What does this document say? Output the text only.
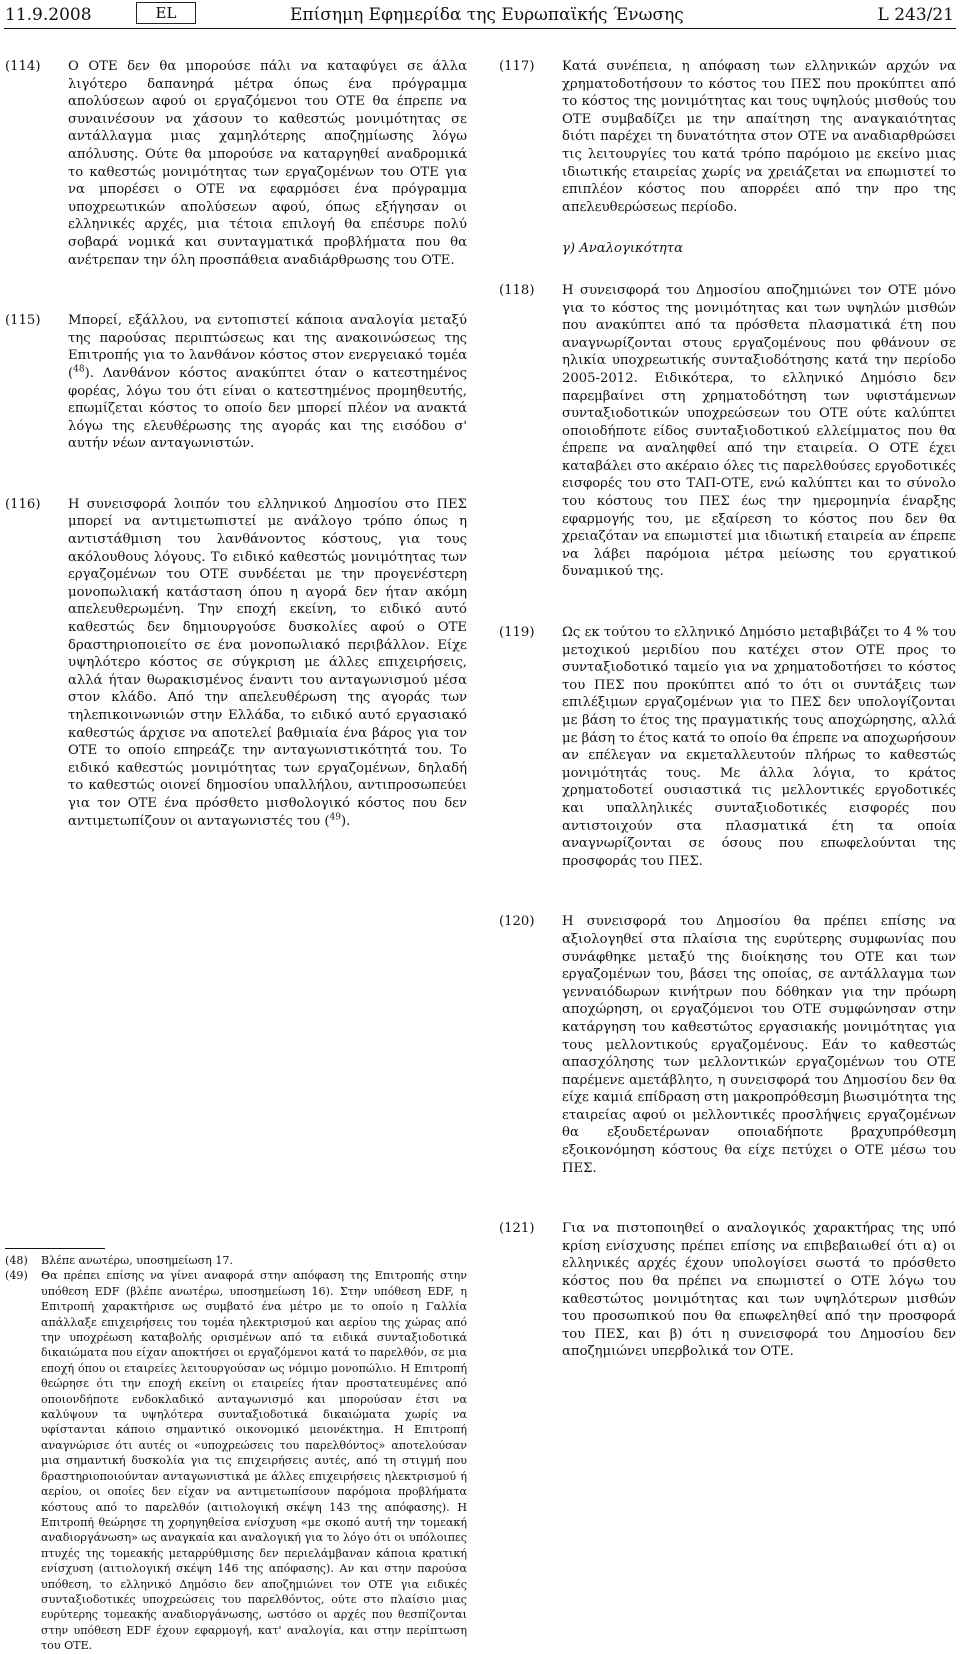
11.9.2008	EL	Επίσημη Εφημερίδα της Ευρωπαϊκής Ένωσης	L 243/21
(114) Ο ΟΤΕ δεν θα μπορούσε πάλι να καταφύγει σε άλλα λιγότερο δαπανηρά μέτρα όπως ένα πρόγραμμα απολύσεων αφού οι εργαζόμενοι του ΟΤΕ θα έπρεπε να συναινέσουν να χάσουν το καθεστώς μονιμότητας σε αντάλλαγμα μιας χαμηλότερης αποζημίωσης λόγω απόλυσης. Ούτε θα μπορούσε να καταργηθεί αναδρομικά το καθεστώς μονιμότητας των εργαζομένων του ΟΤΕ για να μπορέσει ο ΟΤΕ να εφαρμόσει ένα πρόγραμμα υποχρεωτικών απολύσεων αφού, όπως εξήγησαν οι ελληνικές αρχές, μια τέτοια επιλογή θα επέσυρε πολύ σοβαρά νομικά και συνταγματικά προβλήματα που θα ανέτρεπαν την όλη προσπάθεια αναδιάρθρωσης του ΟΤΕ.
(115) Μπορεί, εξάλλου, να εντοπιστεί κάποια αναλογία μεταξύ της παρούσας περιπτώσεως και της ανακοινώσεως της Επιτροπής για το λανθάνον κόστος στον ενεργειακό τομέα ($^{48}$). Λανθάνον κόστος ανακύπτει όταν ο κατεστημένος φορέας, λόγω του ότι είναι ο κατεστημένος προμηθευτής, επωμίζεται κόστος το οποίο δεν μπορεί πλέον να ανακτά λόγω της ελευθέρωσης της αγοράς και της εισόδου σ' αυτήν νέων ανταγωνιστών.
(116) Η συνεισφορά λοιπόν του ελληνικού Δημοσίου στο ΠΕΣ μπορεί να αντιμετωπιστεί με ανάλογο τρόπο όπως η αντιστάθμιση του λανθάνοντος κόστους, για τους ακόλουθους λόγους. Το ειδικό καθεστώς μονιμότητας των εργαζομένων του ΟΤΕ συνδέεται με την προγενέστερη μονοπωλιακή κατάσταση όπου η αγορά δεν ήταν ακόμη απελευθερωμένη. Την εποχή εκείνη, το ειδικό αυτό καθεστώς δεν δημιουργούσε δυσκολίες αφού ο ΟΤΕ δραστηριοποιείτο σε ένα μονοπωλιακό περιβάλλον. Είχε υψηλότερο κόστος σε σύγκριση με άλλες επιχειρήσεις, αλλά ήταν θωρακισμένος έναντι του ανταγωνισμού μέσα στον κλάδο. Από την απελευθέρωση της αγοράς των τηλεπικοινωνιών στην Ελλάδα, το ειδικό αυτό εργασιακό καθεστώς άρχισε να αποτελεί βαθμιαία ένα βάρος για τον ΟΤΕ το οποίο επηρεάζε την ανταγωνιστικότητά του. Το ειδικό καθεστώς μονιμότητας των εργαζομένων, δηλαδή το καθεστώς οιονεί δημοσίου υπαλλήλου, αντιπροσωπεύει για τον ΟΤΕ ένα πρόσθετο μισθολογικό κόστος που δεν αντιμετωπίζουν οι ανταγωνιστές του ($^{49}$).
(48) Βλέπε ανωτέρω, υποσημείωση 17.
(49) Θα πρέπει επίσης να γίνει αναφορά στην απόφαση της Επιτροπής στην υπόθεση EDF (βλέπε ανωτέρω, υποσημείωση 16). Στην υπόθεση EDF, η Επιτροπή χαρακτήρισε ως συμβατό ένα μέτρο με το οποίο η Γαλλία απάλλαξε επιχειρήσεις του τομέα ηλεκτρισμού και αερίου της χώρας από την υποχρέωση καταβολής ορισμένων από τα ειδικά συνταξιοδοτικά δικαιώματα που είχαν αποκτήσει οι εργαζόμενοι κατά το παρελθόν, σε μια εποχή όπου οι εταιρείες λειτουργούσαν ως νόμιμο μονοπώλιο. Η Επιτροπή θεώρησε ότι την εποχή εκείνη οι εταιρείες ήταν προστατευμένες από οποιονδήποτε ενδοκλαδικό ανταγωνισμό και μπορούσαν έτσι να καλύψουν τα υψηλότερα συνταξιοδοτικά δικαιώματα χωρίς να υφίστανται κάποιο σημαντικό οικονομικό μειονέκτημα. Η Επιτροπή αναγνώρισε ότι αυτές οι «υποχρεώσεις του παρελθόντος» αποτελούσαν μια σημαντική δυσκολία για τις επιχειρήσεις αυτές, από τη στιγμή που δραστηριοποιούνταν ανταγωνιστικά με άλλες επιχειρήσεις ηλεκτρισμού ή αερίου, οι οποίες δεν είχαν να αντιμετωπίσουν παρόμοια προβλήματα κόστους από το παρελθόν (αιτιολογική σκέψη 143 της απόφασης). Η Επιτροπή θεώρησε τη χορηγηθείσα ενίσχυση «με σκοπό αυτή την τομεακή αναδιοργάνωση» ως αναγκαία και αναλογική για το λόγο ότι οι υπόλοιπες πτυχές της τομεακής μεταρρύθμισης δεν περιελάμβαναν κάποια κρατική ενίσχυση (αιτιολογική σκέψη 146 της απόφασης). Αν και στην παρούσα υπόθεση, το ελληνικό Δημόσιο δεν αποζημιώνει τον ΟΤΕ για ειδικές συνταξιοδοτικές υποχρεώσεις του παρελθόντος, ούτε στο πλαίσιο μιας ευρύτερης τομεακής αναδιοργάνωσης, ωστόσο οι αρχές που θεσπίζονται στην υπόθεση EDF έχουν εφαρμογή, κατ' αναλογία, και στην περίπτωση του ΟΤΕ.
(117) Κατά συνέπεια, η απόφαση των ελληνικών αρχών να χρηματοδοτήσουν το κόστος του ΠΕΣ που προκύπτει από το κόστος της μονιμότητας και τους υψηλούς μισθούς του ΟΤΕ συμβαδίζει με την απαίτηση της αναγκαιότητας διότι παρέχει τη δυνατότητα στον ΟΤΕ να αναδιαρθρώσει τις λειτουργίες του κατά τρόπο παρόμοιο με εκείνο μιας ιδιωτικής εταιρείας χωρίς να χρειάζεται να επωμιστεί το επιπλέον κόστος που απορρέει από την προ της απελευθερώσεως περίοδο.
γ) Αναλογικότητα
(118) Η συνεισφορά του Δημοσίου αποζημιώνει τον ΟΤΕ μόνο για το κόστος της μονιμότητας και των υψηλών μισθών που ανακύπτει από τα πρόσθετα πλασματικά έτη που αναγνωρίζονται στους εργαζομένους που φθάνουν σε ηλικία υποχρεωτικής συνταξιοδότησης κατά την περίοδο 2005-2012. Ειδικότερα, το ελληνικό Δημόσιο δεν παρεμβαίνει στη χρηματοδότηση των υφιστάμενων συνταξιοδοτικών υποχρεώσεων του ΟΤΕ ούτε καλύπτει οποιοδήποτε είδος συνταξιοδοτικού ελλείμματος που θα έπρεπε να αναληφθεί από την εταιρεία. Ο ΟΤΕ έχει καταβάλει στο ακέραιο όλες τις παρελθούσες εργοδοτικές εισφορές του στο ΤΑΠ-ΟΤΕ, ενώ καλύπτει και το σύνολο του κόστους του ΠΕΣ έως την ημερομηνία έναρξης εφαρμογής του, με εξαίρεση το κόστος που δεν θα χρειαζόταν να επωμιστεί μια ιδιωτική εταιρεία αν έπρεπε να λάβει παρόμοια μέτρα μείωσης του εργατικού δυναμικού της.
(119) Ως εκ τούτου το ελληνικό Δημόσιο μεταβιβάζει το 4 % του μετοχικού μεριδίου που κατέχει στον ΟΤΕ προς το συνταξιοδοτικό ταμείο για να χρηματοδοτήσει το κόστος του ΠΕΣ που προκύπτει από το ότι οι συντάξεις των επιλέξιμων εργαζομένων για το ΠΕΣ δεν υπολογίζονται με βάση το έτος της πραγματικής τους αποχώρησης, αλλά με βάση το έτος κατά το οποίο θα έπρεπε να αποχωρήσουν αν επέλεγαν να εκμεταλλευτούν πλήρως το καθεστώς μονιμότητάς τους. Με άλλα λόγια, το κράτος χρηματοδοτεί ουσιαστικά τις μελλοντικές εργοδοτικές και υπαλληλικές συνταξιοδοτικές εισφορές που αντιστοιχούν στα πλασματικά έτη τα οποία αναγνωρίζονται σε όσους που επωφελούνται της προσφοράς του ΠΕΣ.
(120) Η συνεισφορά του Δημοσίου θα πρέπει επίσης να αξιολογηθεί στα πλαίσια της ευρύτερης συμφωνίας που συνάφθηκε μεταξύ της διοίκησης του ΟΤΕ και των εργαζομένων του, βάσει της οποίας, σε αντάλλαγμα των γενναιόδωρων κινήτρων που δόθηκαν για την πρόωρη αποχώρηση, οι εργαζόμενοι του ΟΤΕ συμφώνησαν στην κατάργηση του καθεστώτος εργασιακής μονιμότητας για τους μελλοντικούς εργαζομένους. Εάν το καθεστώς απασχόλησης των μελλοντικών εργαζομένων του ΟΤΕ παρέμενε αμετάβλητο, η συνεισφορά του Δημοσίου δεν θα είχε καμιά επίδραση στη μακροπρόθεσμη βιωσιμότητα της εταιρείας αφού οι μελλοντικές προσλήψεις εργαζομένων θα εξουδετέρωναν οποιαδήποτε βραχυπρόθεσμη εξοικονόμηση κόστους θα είχε πετύχει ο ΟΤΕ μέσω του ΠΕΣ.
(121) Για να πιστοποιηθεί ο αναλογικός χαρακτήρας της υπό κρίση ενίσχυσης πρέπει επίσης να επιβεβαιωθεί ότι α) οι ελληνικές αρχές έχουν υπολογίσει σωστά το πρόσθετο κόστος που θα πρέπει να επωμιστεί ο ΟΤΕ λόγω του καθεστώτος μονιμότητας και των υψηλότερων μισθών του προσωπικού που θα επωφεληθεί από την προσφορά του ΠΕΣ, και β) ότι η συνεισφορά του Δημοσίου δεν αποζημιώνει υπερβολικά τον ΟΤΕ.
